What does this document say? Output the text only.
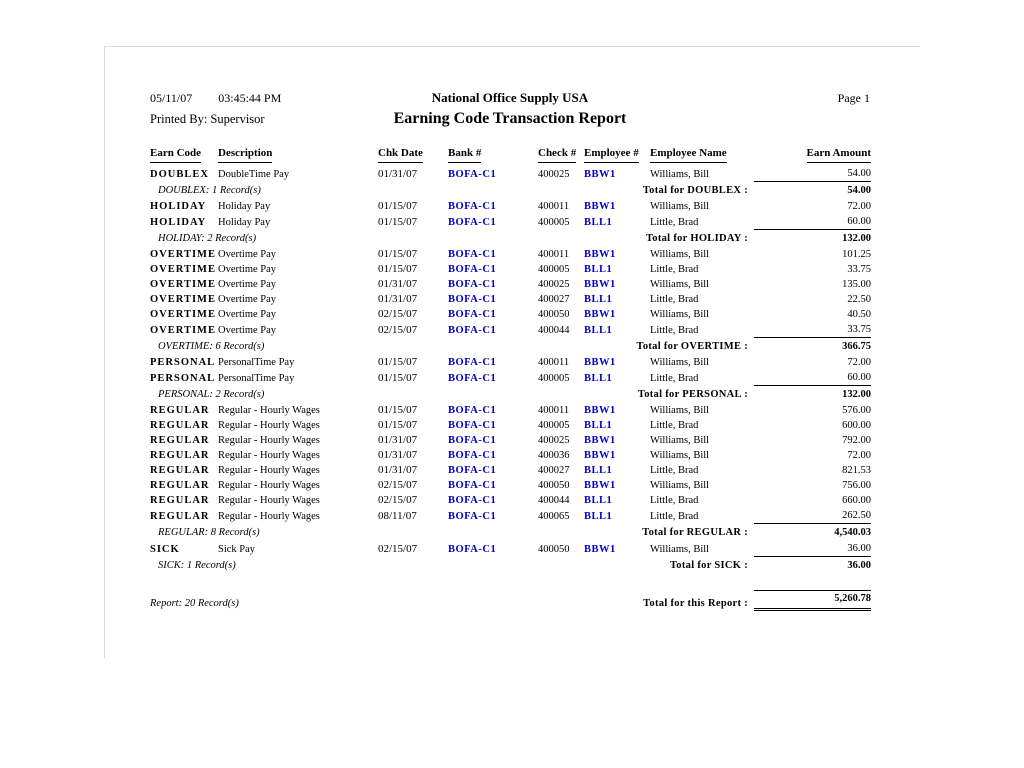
05/11/07 03:45:44 PM	National Office Supply USA	Page 1
Printed By: Supervisor	Earning Code Transaction Report
Earn Code	Description	Chk Date	Bank #	Check #	Employee #	Employee Name	Earn Amount
DOUBLEX	DoubleTime Pay	01/31/07	BOFA-C1	400025	BBW1	Williams, Bill	54.00
DOUBLEX: 1 Record(s)				Total for DOUBLEX :			54.00
HOLIDAY	Holiday Pay	01/15/07	BOFA-C1	400011	BBW1	Williams, Bill	72.00
HOLIDAY	Holiday Pay	01/15/07	BOFA-C1	400005	BLL1	Little, Brad	60.00
HOLIDAY: 2 Record(s)				Total for HOLIDAY :			132.00
OVERTIME	Overtime Pay	01/15/07	BOFA-C1	400011	BBW1	Williams, Bill	101.25
OVERTIME	Overtime Pay	01/15/07	BOFA-C1	400005	BLL1	Little, Brad	33.75
OVERTIME	Overtime Pay	01/31/07	BOFA-C1	400025	BBW1	Williams, Bill	135.00
OVERTIME	Overtime Pay	01/31/07	BOFA-C1	400027	BLL1	Little, Brad	22.50
OVERTIME	Overtime Pay	02/15/07	BOFA-C1	400050	BBW1	Williams, Bill	40.50
OVERTIME	Overtime Pay	02/15/07	BOFA-C1	400044	BLL1	Little, Brad	33.75
OVERTIME: 6 Record(s)				Total for OVERTIME :			366.75
PERSONAL	PersonalTime Pay	01/15/07	BOFA-C1	400011	BBW1	Williams, Bill	72.00
PERSONAL	PersonalTime Pay	01/15/07	BOFA-C1	400005	BLL1	Little, Brad	60.00
PERSONAL: 2 Record(s)				Total for PERSONAL :			132.00
REGULAR	Regular - Hourly Wages	01/15/07	BOFA-C1	400011	BBW1	Williams, Bill	576.00
REGULAR	Regular - Hourly Wages	01/15/07	BOFA-C1	400005	BLL1	Little, Brad	600.00
REGULAR	Regular - Hourly Wages	01/31/07	BOFA-C1	400025	BBW1	Williams, Bill	792.00
REGULAR	Regular - Hourly Wages	01/31/07	BOFA-C1	400036	BBW1	Williams, Bill	72.00
REGULAR	Regular - Hourly Wages	01/31/07	BOFA-C1	400027	BLL1	Little, Brad	821.53
REGULAR	Regular - Hourly Wages	02/15/07	BOFA-C1	400050	BBW1	Williams, Bill	756.00
REGULAR	Regular - Hourly Wages	02/15/07	BOFA-C1	400044	BLL1	Little, Brad	660.00
REGULAR	Regular - Hourly Wages	08/11/07	BOFA-C1	400065	BLL1	Little, Brad	262.50
REGULAR: 8 Record(s)				Total for REGULAR :			4,540.03
SICK	Sick Pay	02/15/07	BOFA-C1	400050	BBW1	Williams, Bill	36.00
SICK: 1 Record(s)				Total for SICK :			36.00
Report: 20 Record(s)				Total for this Report :			5,260.78
